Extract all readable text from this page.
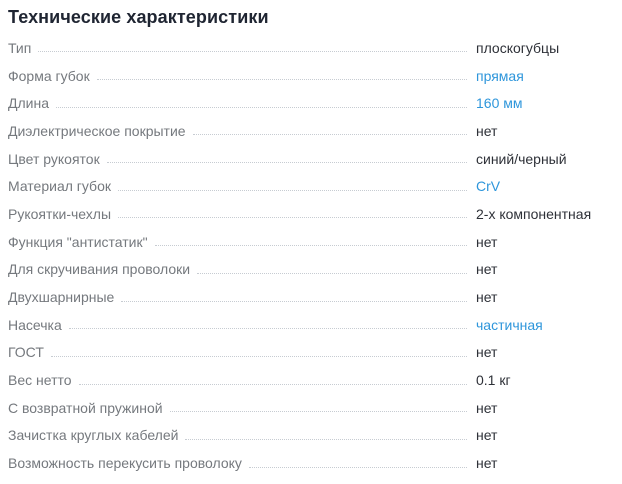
Технические характеристики
Тип	плоскогубцы
Форма губок	прямая
Длина	160 мм
Диэлектрическое покрытие	нет
Цвет рукояток	синий/черный
Материал губок	CrV
Рукоятки-чехлы	2-х компонентная
Функция "антистатик"	нет
Для скручивания проволоки	нет
Двухшарнирные	нет
Насечка	частичная
ГОСТ	нет
Вес нетто	0.1 кг
С возвратной пружиной	нет
Зачистка круглых кабелей	нет
Возможность перекусить проволоку	нет
